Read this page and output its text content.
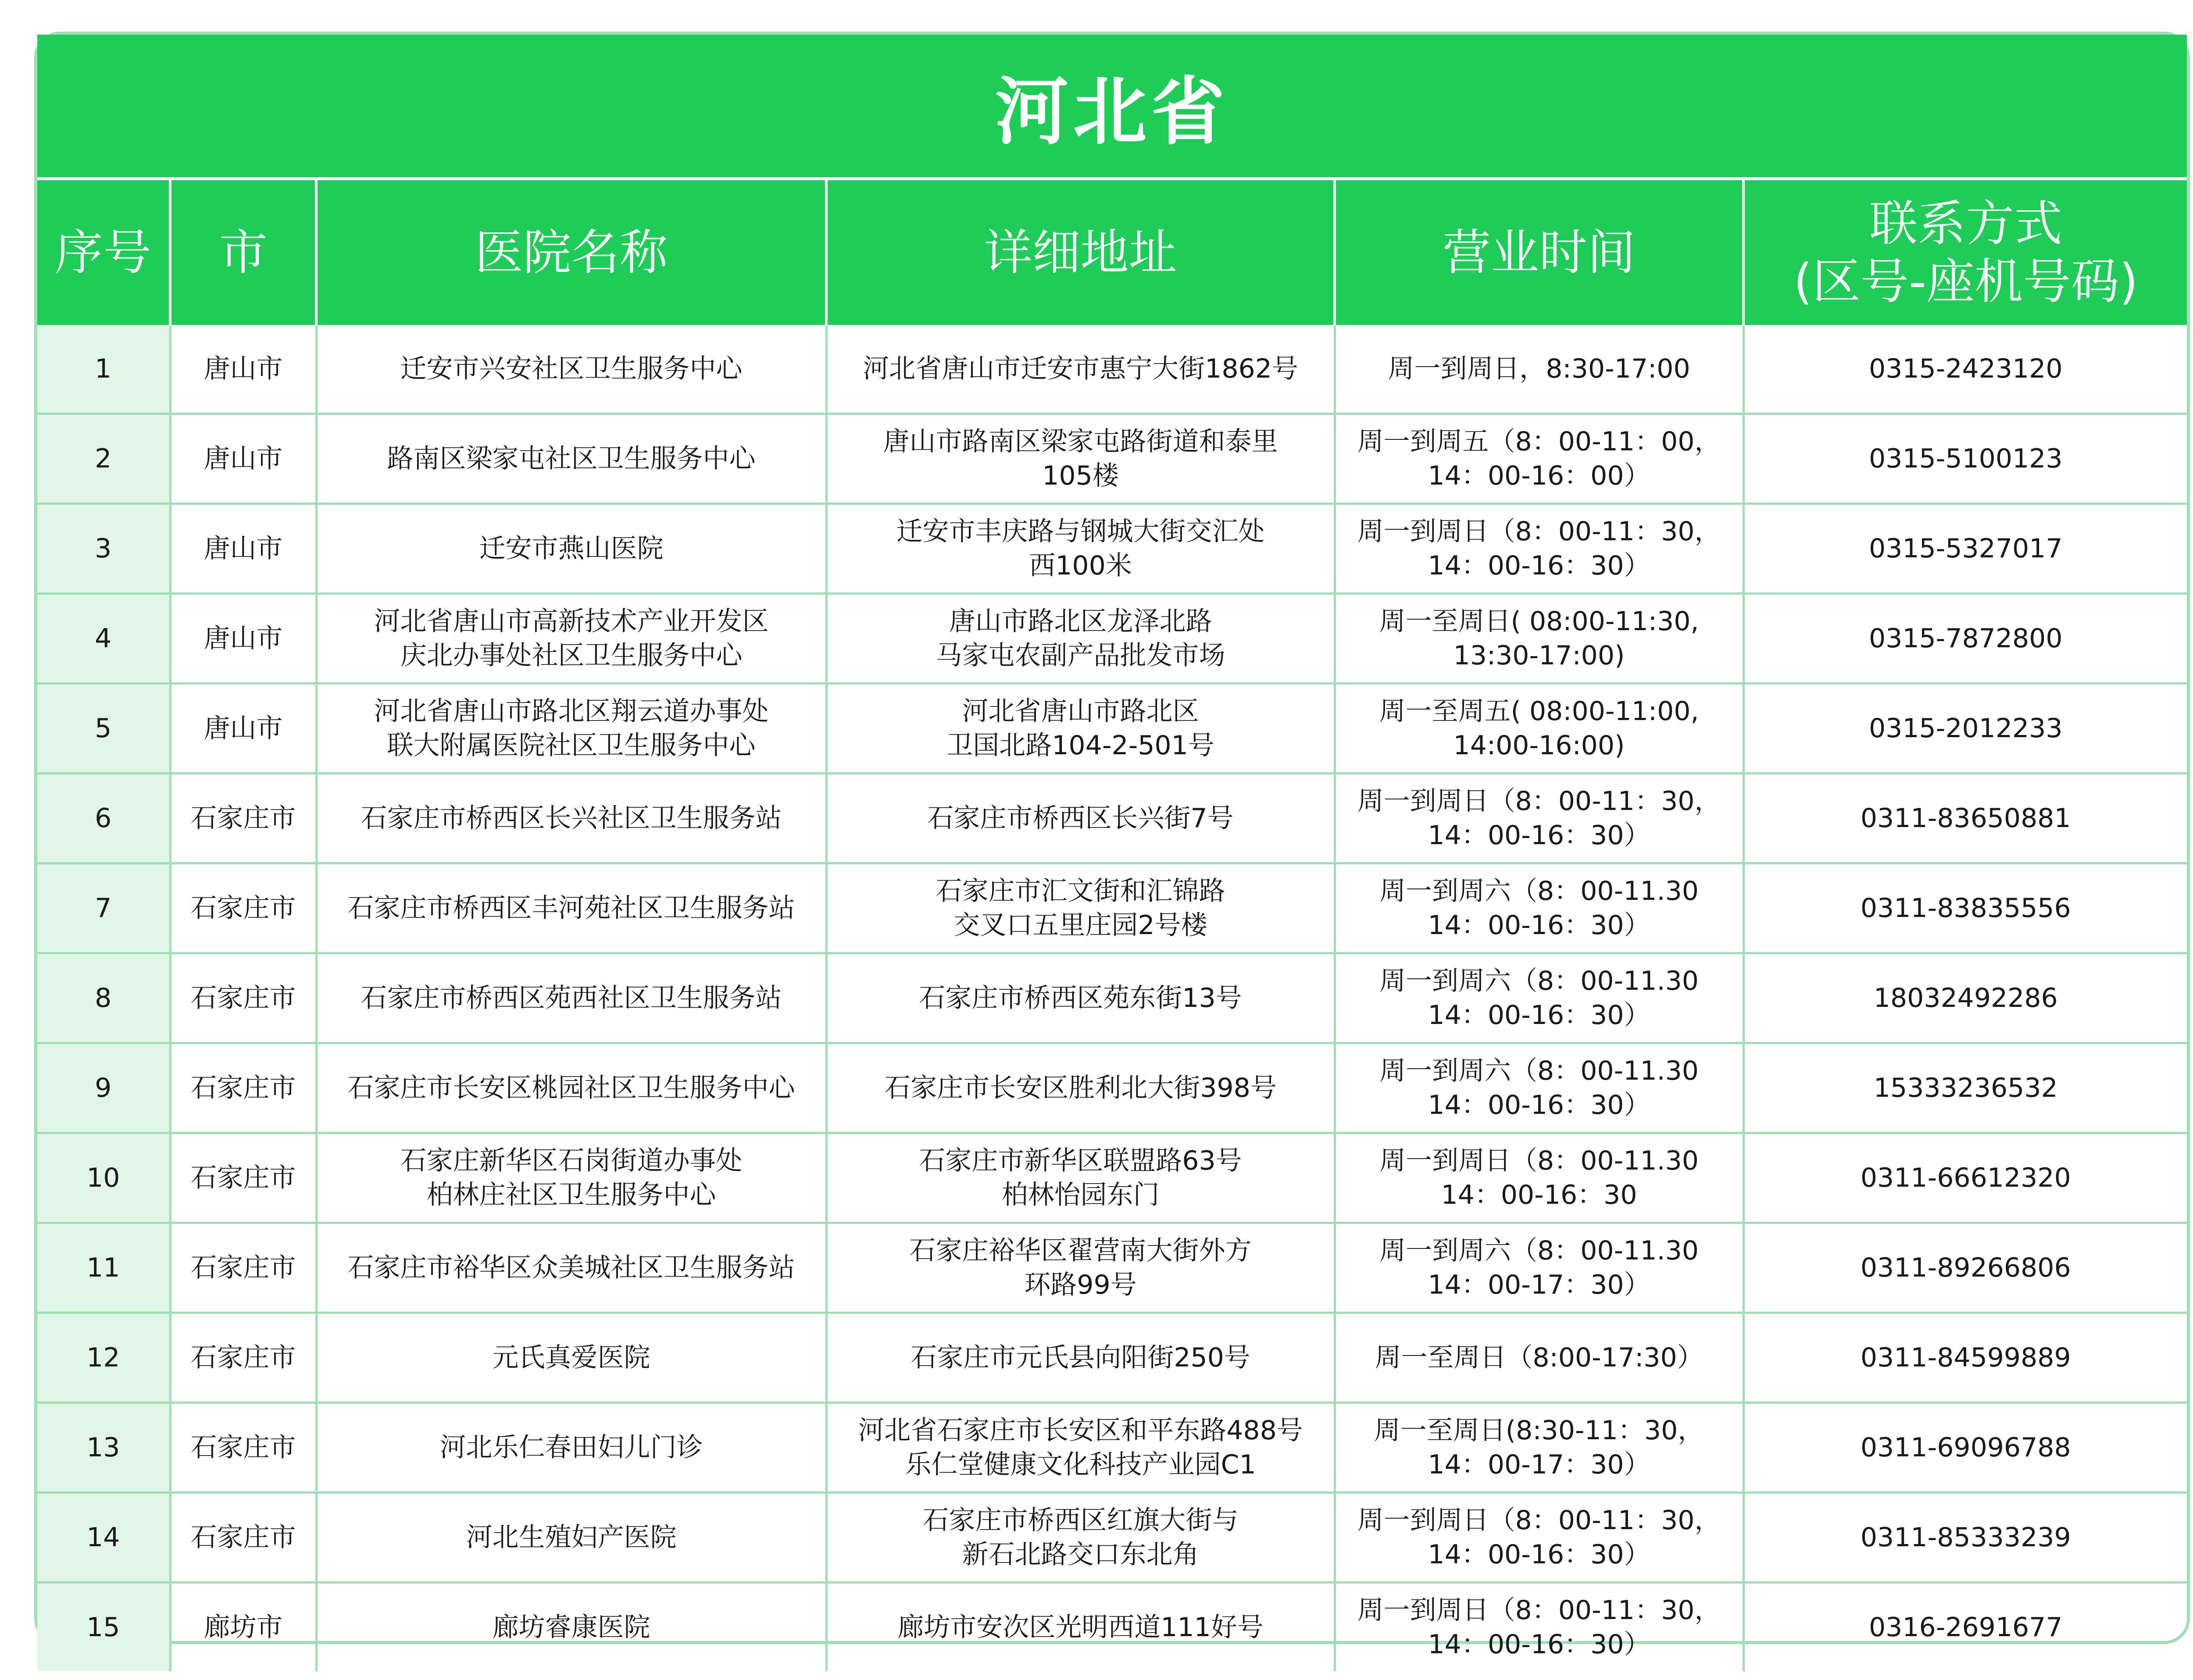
河北省
序号	市	医院名称	详细地址	营业时间	联系方式
(区号-座机号码)

1	唐山市	迁安市兴安社区卫生服务中心	河北省唐山市迁安市惠宁大街1862号	周一到周日，8:30-17:00	0315-2423120
2	唐山市	路南区梁家屯社区卫生服务中心	唐山市路南区梁家屯路街道和泰里
105楼	周一到周五（8：00-11：00，
14：00-16：00）	0315-5100123
3	唐山市	迁安市燕山医院	迁安市丰庆路与钢城大街交汇处
西100米	周一到周日（8：00-11：30，
14：00-16：30）	0315-5327017
4	唐山市	河北省唐山市高新技术产业开发区
庆北办事处社区卫生服务中心	唐山市路北区龙泽北路
马家屯农副产品批发市场	周一至周日( 08:00-11:30,
13:30-17:00)	0315-7872800
5	唐山市	河北省唐山市路北区翔云道办事处
联大附属医院社区卫生服务中心	河北省唐山市路北区
卫国北路104-2-501号	周一至周五( 08:00-11:00,
14:00-16:00)	0315-2012233
6	石家庄市	石家庄市桥西区长兴社区卫生服务站	石家庄市桥西区长兴街7号	周一到周日（8：00-11：30，
14：00-16：30）	0311-83650881
7	石家庄市	石家庄市桥西区丰河苑社区卫生服务站	石家庄市汇文街和汇锦路
交叉口五里庄园2号楼	周一到周六（8：00-11.30
14：00-16：30）	0311-83835556
8	石家庄市	石家庄市桥西区苑西社区卫生服务站	石家庄市桥西区苑东街13号	周一到周六（8：00-11.30
14：00-16：30）	18032492286
9	石家庄市	石家庄市长安区桃园社区卫生服务中心	石家庄市长安区胜利北大街398号	周一到周六（8：00-11.30
14：00-16：30）	15333236532
10	石家庄市	石家庄新华区石岗街道办事处
柏林庄社区卫生服务中心	石家庄市新华区联盟路63号
柏林怡园东门	周一到周日（8：00-11.30
14：00-16：30	0311-66612320
11	石家庄市	石家庄市裕华区众美城社区卫生服务站	石家庄裕华区翟营南大街外方
环路99号	周一到周六（8：00-11.30
14：00-17：30）	0311-89266806
12	石家庄市	元氏真爱医院	石家庄市元氏县向阳街250号	周一至周日（8:00-17:30）	0311-84599889
13	石家庄市	河北乐仁春田妇儿门诊	河北省石家庄市长安区和平东路488号
乐仁堂健康文化科技产业园C1	周一至周日(8:30-11：30，
14：00-17：30）	0311-69096788
14	石家庄市	河北生殖妇产医院	石家庄市桥西区红旗大街与
新石北路交口东北角	周一到周日（8：00-11：30，
14：00-16：30）	0311-85333239
15	廊坊市	廊坊睿康医院	廊坊市安次区光明西道111好号	周一到周日（8：00-11：30，
14：00-16：30）	0316-2691677
